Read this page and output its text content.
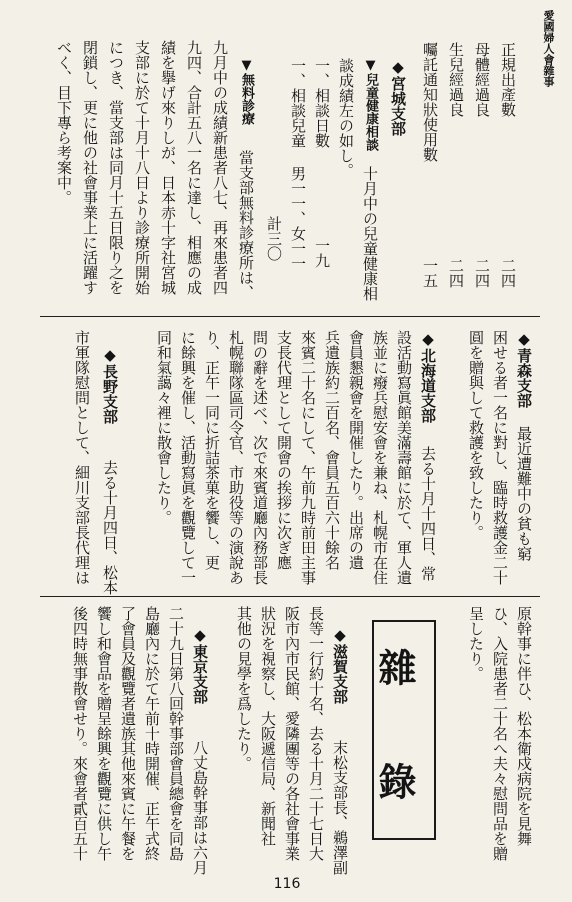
愛國婦人會雜事
正規出產數
二四
母體經過良
二四
生兒經過良
二四
囑託通知狀使用數
一五
◆宮城支部
▼兒童健康相談
十月中の兒童健康相
談成績左の如し。
一、相談日數
一九
一、相談兒童
男一一、女一一
計三〇
▼無料診療
當支部無料診療所は、
九月中の成績新患者八七、再來患者四
九四、合計五八一名に達し、相應の成
績を擧げ來りしが、日本赤十字社宮城
支部に於て十月十八日より診療所開始
につき、當支部は同月十五日限り之を
閉鎖し、更に他の社會事業上に活躍す
べく、目下專ら考案中。
◆青森支部
最近遭難中の貧も窮
困せる者一名に對し、臨時救護金二十
圓を贈與して救護を致したり。
◆北海道支部
去る十月十四日、常
設活動寫眞館美滿壽館に於て、軍人遺
族並に癈兵慰安會を兼ね、札幌市在住
會員懇親會を開催したり。出席の遺
兵遺族約二百名、會員五百六十餘名
來賓二十名にして、午前九時前田主事
支長代理として開會の挨拶に次ぎ應
問の辭を述べ、次で來賓道廳內務部長
札幌聯隊區司令官、市助役等の演說あ
り、正午一同に折詰茶菓を饗し、更
に餘興を催し、活動寫眞を觀覽して一
同和氣藹々裡に散會したり。
◆長野支部
去る十月四日、松本
市軍隊慰問として、細川支部長代理は
原幹事に伴ひ、松本衛戍病院を見舞
ひ、入院患者二十名へ夫々慰問品を贈
呈したり。
雜　　錄
◆滋賀支部
末松支部長、鵜澤副
長等一行約十名、去る十月二十七日大
阪市內市民館、愛隣團等の各社會事業
狀況を視察し、大阪遞信局、新聞社
其他の見學を爲したり。
◆東京支部
八丈島幹事部は六月
二十九日第八回幹事部會員總會を同島
島廳內に於て午前十時開催、正午式終
了會員及觀覽者遺族其他來賓に午餐を
饗し和會品を贈呈餘興を觀覽に供し午
後四時無事散會せり。來會者貳百五十
116
